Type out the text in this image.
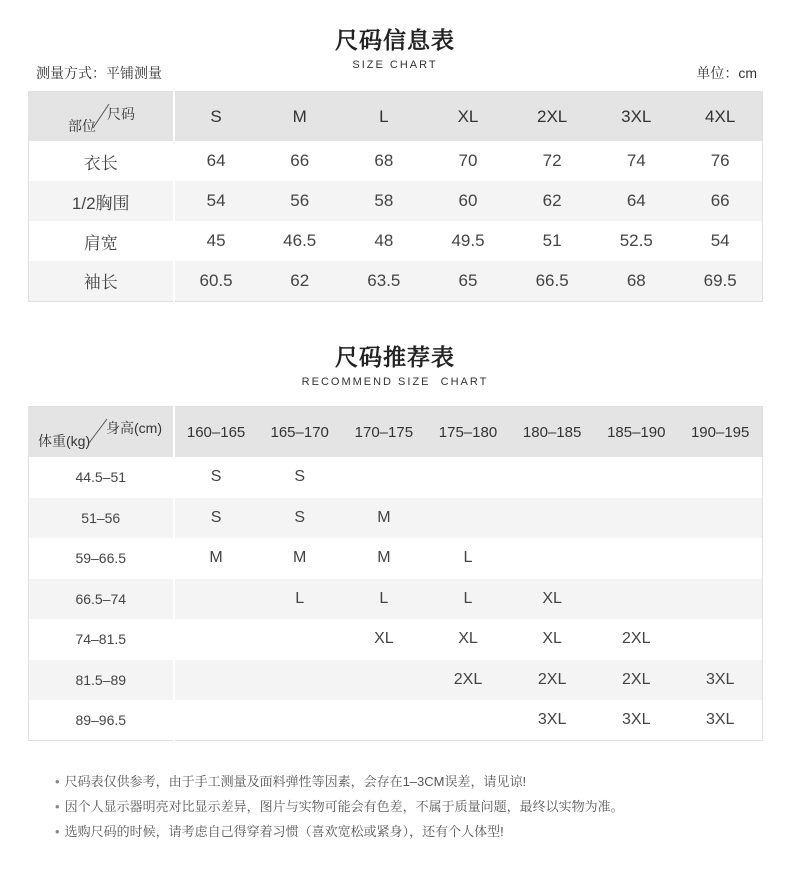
尺码信息表
SIZE CHART
测量方式：平铺测量	单位：cm
尺码
部位	S	M	L	XL	2XL	3XL	4XL
衣长	64	66	68	70	72	74	76
1/2胸围	54	56	58	60	62	64	66
肩宽	45	46.5	48	49.5	51	52.5	54
袖长	60.5	62	63.5	65	66.5	68	69.5
尺码推荐表
RECOMMEND SIZE  CHART
身高(cm)
体重(kg)	160–165	165–170	170–175	175–180	180–185	185–190	190–195
44.5–51	S	S					
51–56	S	S	M				
59–66.5	M	M	M	L			
66.5–74		L	L	L	XL		
74–81.5			XL	XL	XL	2XL	
81.5–89				2XL	2XL	2XL	3XL
89–96.5					3XL	3XL	3XL
• 尺码表仅供参考，由于手工测量及面料弹性等因素，会存在1–3CM误差，请见谅!
• 因个人显示器明亮对比显示差异，图片与实物可能会有色差，不属于质量问题，最终以实物为准。
• 选购尺码的时候，请考虑自己得穿着习惯（喜欢宽松或紧身），还有个人体型!
